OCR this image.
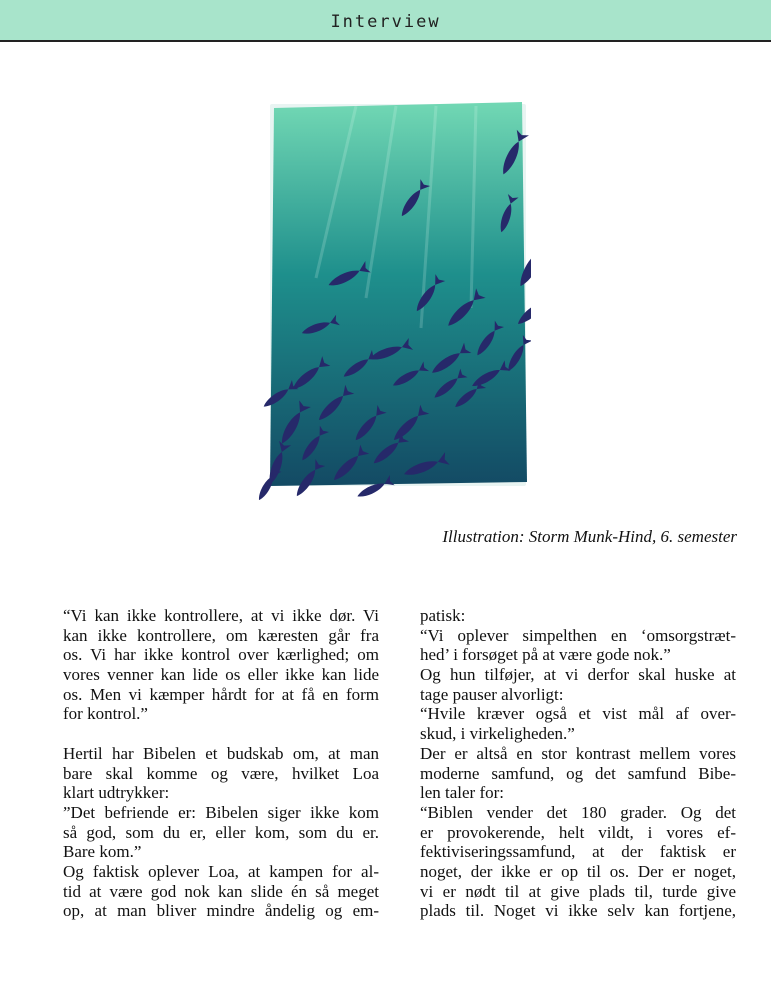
Interview
Illustration: Storm Munk-Hind, 6. semester
“Vi kan ikke kontrollere, at vi ikke dør. Vi
kan ikke kontrollere, om kæresten går fra
os. Vi har ikke kontrol over kærlighed; om
vores venner kan lide os eller ikke kan lide
os. Men vi kæmper hårdt for at få en form
for kontrol.”
Hertil har Bibelen et budskab om, at man
bare skal komme og være, hvilket Loa
klart udtrykker:
”Det befriende er: Bibelen siger ikke kom
så god, som du er, eller kom, som du er.
Bare kom.”
Og faktisk oplever Loa, at kampen for al-
tid at være god nok kan slide én så meget
op, at man bliver mindre åndelig og em-
patisk:
“Vi oplever simpelthen en ‘omsorgstræt-
hed’ i forsøget på at være gode nok.”
Og hun tilføjer, at vi derfor skal huske at
tage pauser alvorligt:
“Hvile kræver også et vist mål af over-
skud, i virkeligheden.”
Der er altså en stor kontrast mellem vores
moderne samfund, og det samfund Bibe-
len taler for:
“Biblen vender det 180 grader. Og det
er provokerende, helt vildt, i vores ef-
fektiviseringssamfund, at der faktisk er
noget, der ikke er op til os. Der er noget,
vi er nødt til at give plads til, turde give
plads til. Noget vi ikke selv kan fortjene,
